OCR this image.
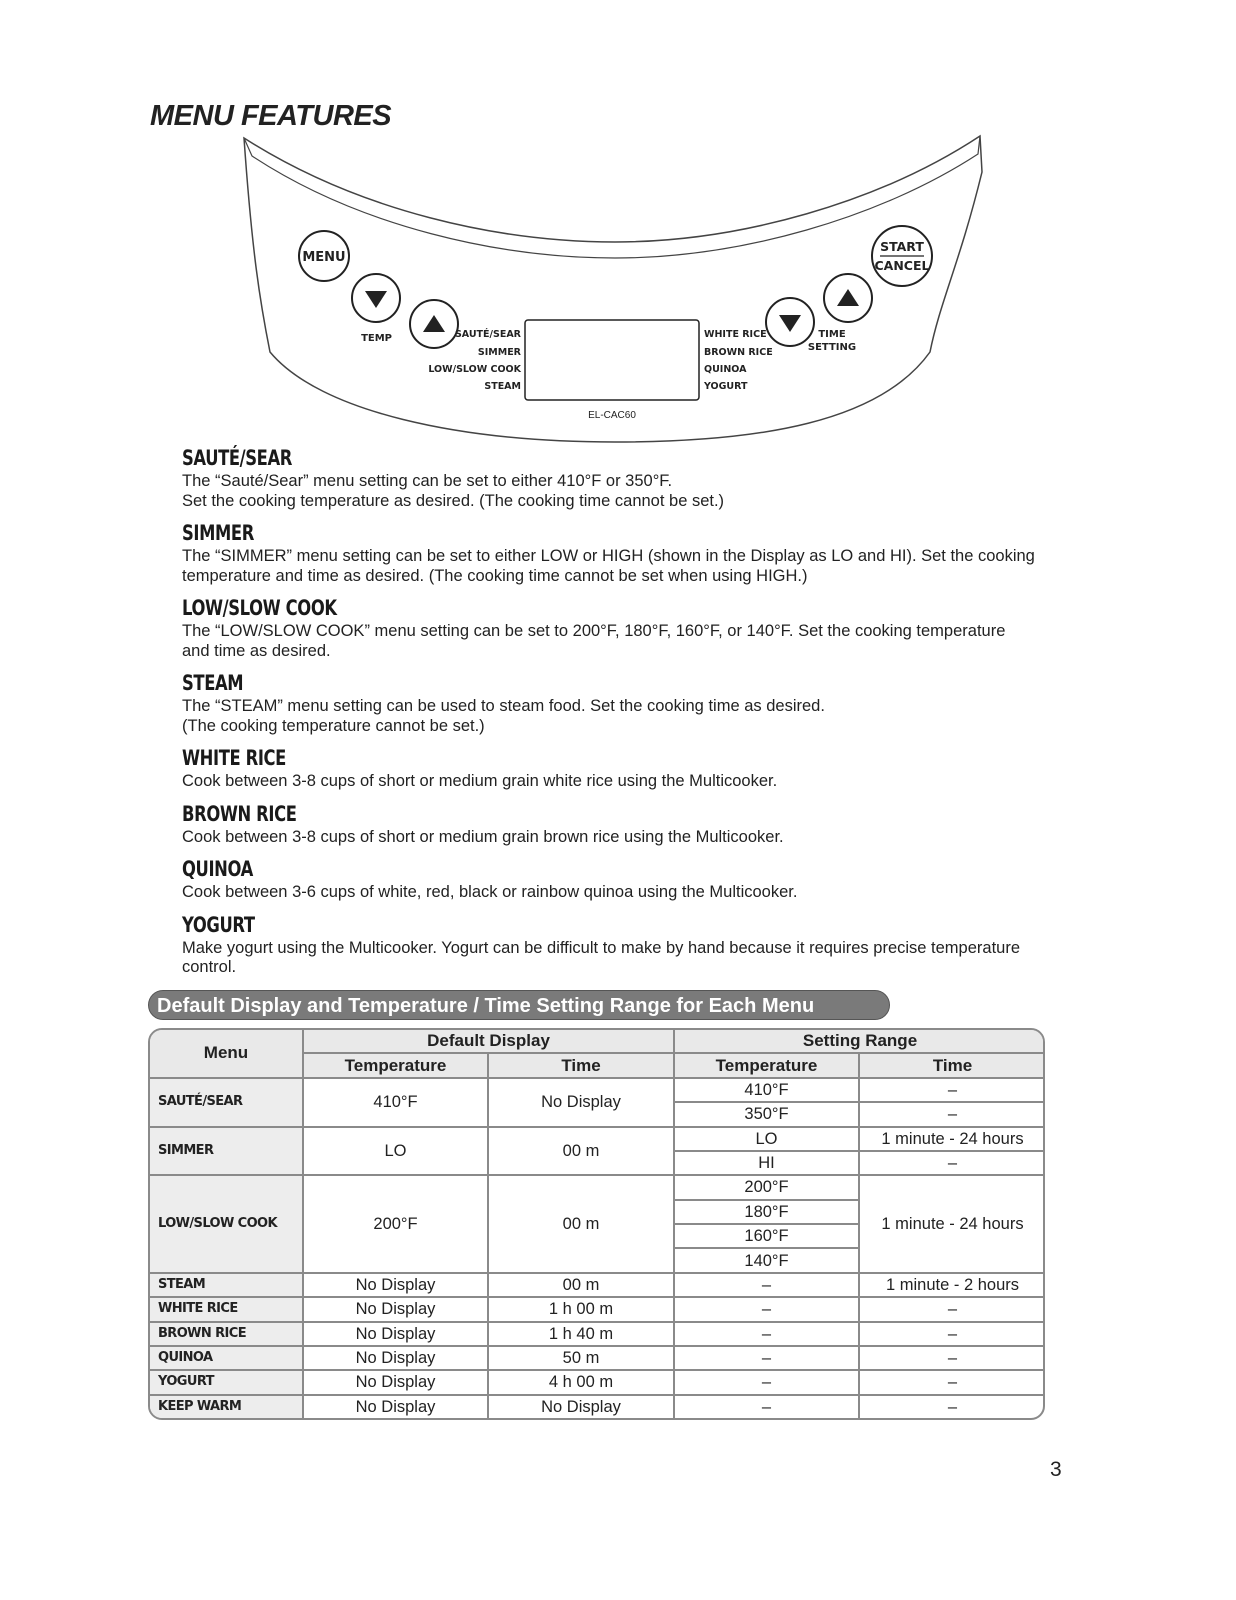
MENU FEATURES
MENU
TEMP	SAUTÉ/SEAR
SIMMER
LOW/SLOW COOK
STEAM
WHITE RICE
BROWN RICE
QUINOA
YOGURT
TIME
SETTING
START
CANCEL
EL-CAC60
SAUTÉ/SEAR

The “Sauté/Sear” menu setting can be set to either 410°F or 350°F.
Set the cooking temperature as desired. (The cooking time cannot be set.)

SIMMER

The “SIMMER” menu setting can be set to either LOW or HIGH (shown in the Display as LO and HI). Set the cooking
temperature and time as desired. (The cooking time cannot be set when using HIGH.)

LOW/SLOW COOK

The “LOW/SLOW COOK” menu setting can be set to 200°F, 180°F, 160°F, or 140°F. Set the cooking temperature
and time as desired.

STEAM

The “STEAM” menu setting can be used to steam food. Set the cooking time as desired.
(The cooking temperature cannot be set.)

WHITE RICE

Cook between 3-8 cups of short or medium grain white rice using the Multicooker.

BROWN RICE

Cook between 3-8 cups of short or medium grain brown rice using the Multicooker.

QUINOA

Cook between 3-6 cups of white, red, black or rainbow quinoa using the Multicooker.

YOGURT

Make yogurt using the Multicooker. Yogurt can be difficult to make by hand because it requires precise temperature
control.

Default Display and Temperature / Time Setting Range for Each Menu
Menu	Default Display		Setting Range	
	Temperature	Time	Temperature	Time
SAUTÉ/SEAR	410°F	No Display	410°F	–
			350°F	–
SIMMER	LO	00 m	LO	1 minute - 24 hours
			HI	–
LOW/SLOW COOK	200°F	00 m	200°F	1 minute - 24 hours
			180°F	
			160°F	
			140°F	
STEAM	No Display	00 m	–	1 minute - 2 hours
WHITE RICE	No Display	1 h 00 m	–	–
BROWN RICE	No Display	1 h 40 m	–	–
QUINOA	No Display	50 m	–	–
YOGURT	No Display	4 h 00 m	–	–
KEEP WARM	No Display	No Display	–	–
3
